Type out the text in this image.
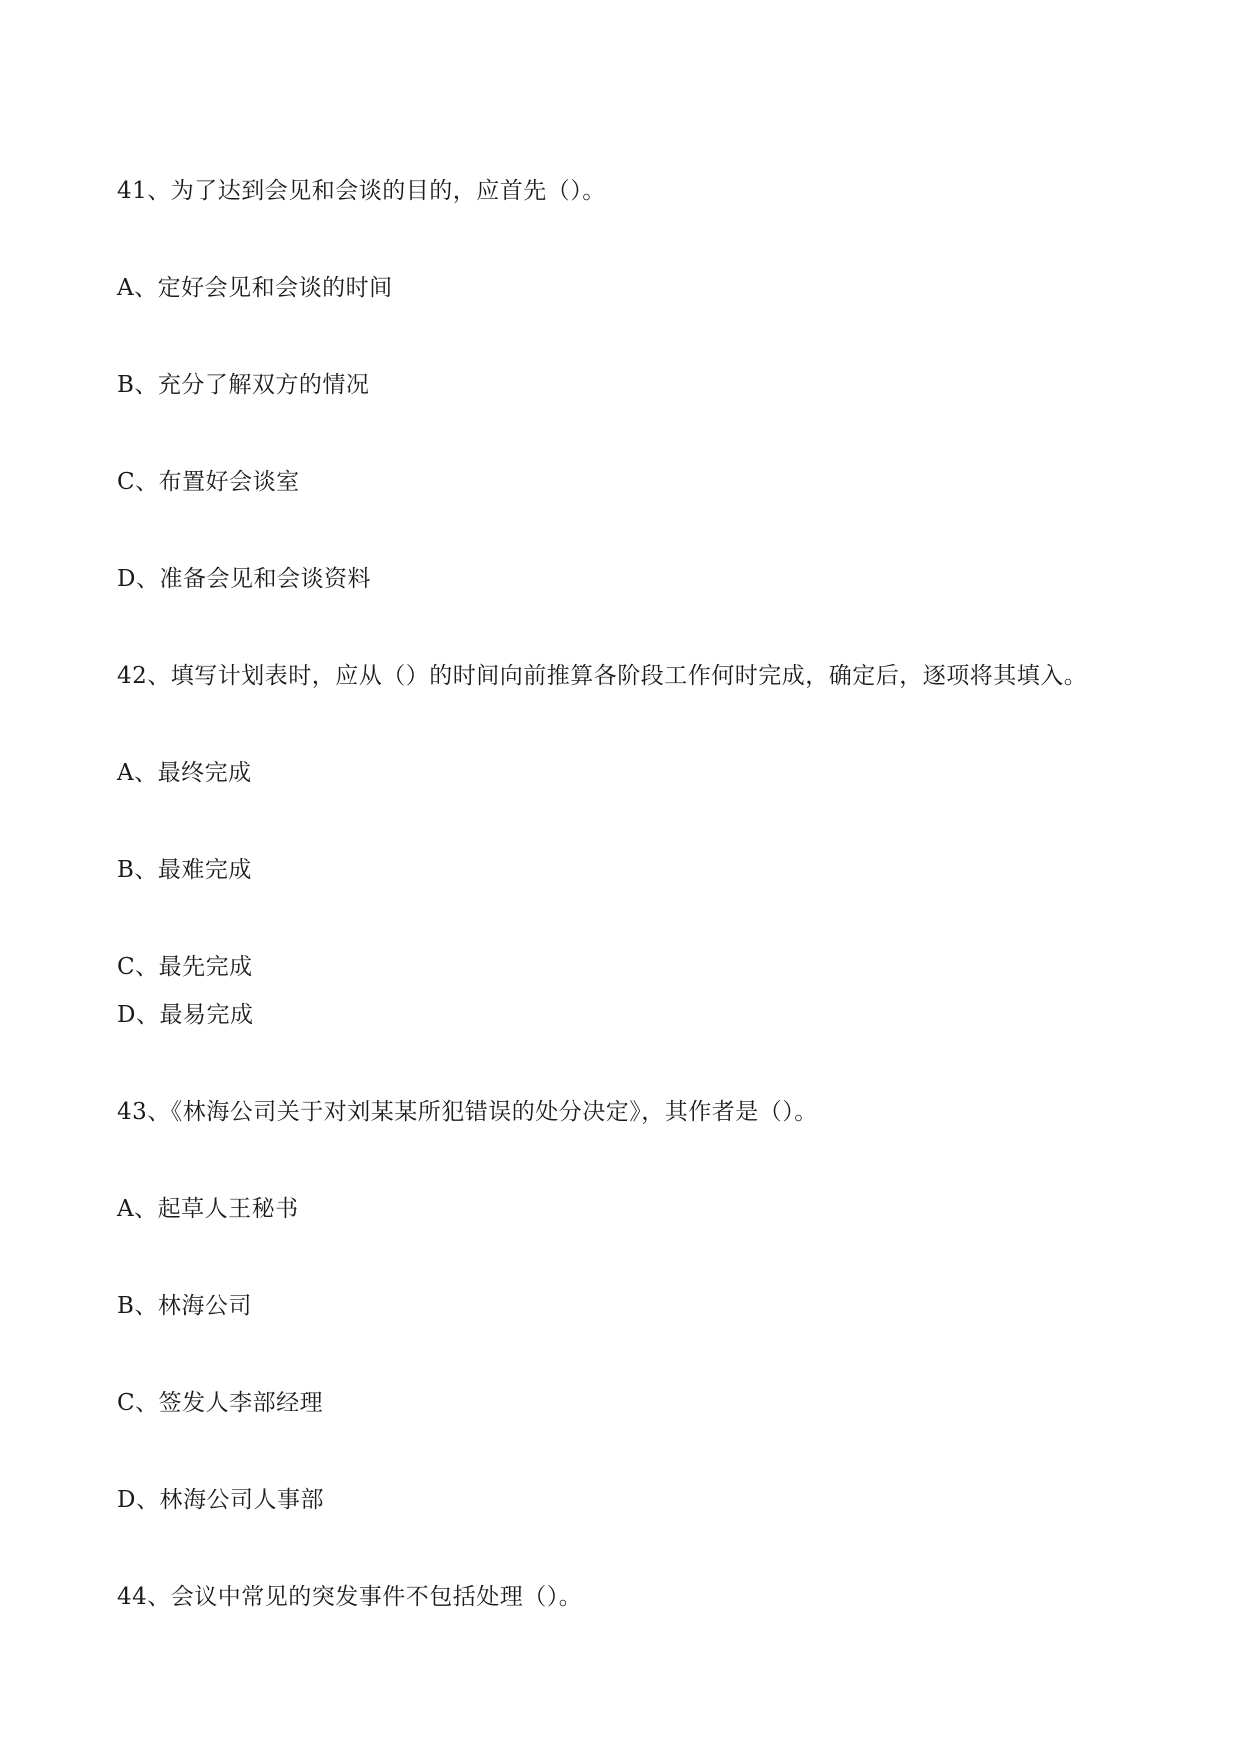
41、为了达到会见和会谈的目的，应首先（）。
A、定好会见和会谈的时间
B、充分了解双方的情况
C、布置好会谈室
D、准备会见和会谈资料
42、填写计划表时，应从（）的时间向前推算各阶段工作何时完成，确定后，逐项将其填入。
A、最终完成
B、最难完成
C、最先完成
D、最易完成
43、《林海公司关于对刘某某所犯错误的处分决定》，其作者是（）。
A、起草人王秘书
B、林海公司
C、签发人李部经理
D、林海公司人事部
44、会议中常见的突发事件不包括处理（）。
